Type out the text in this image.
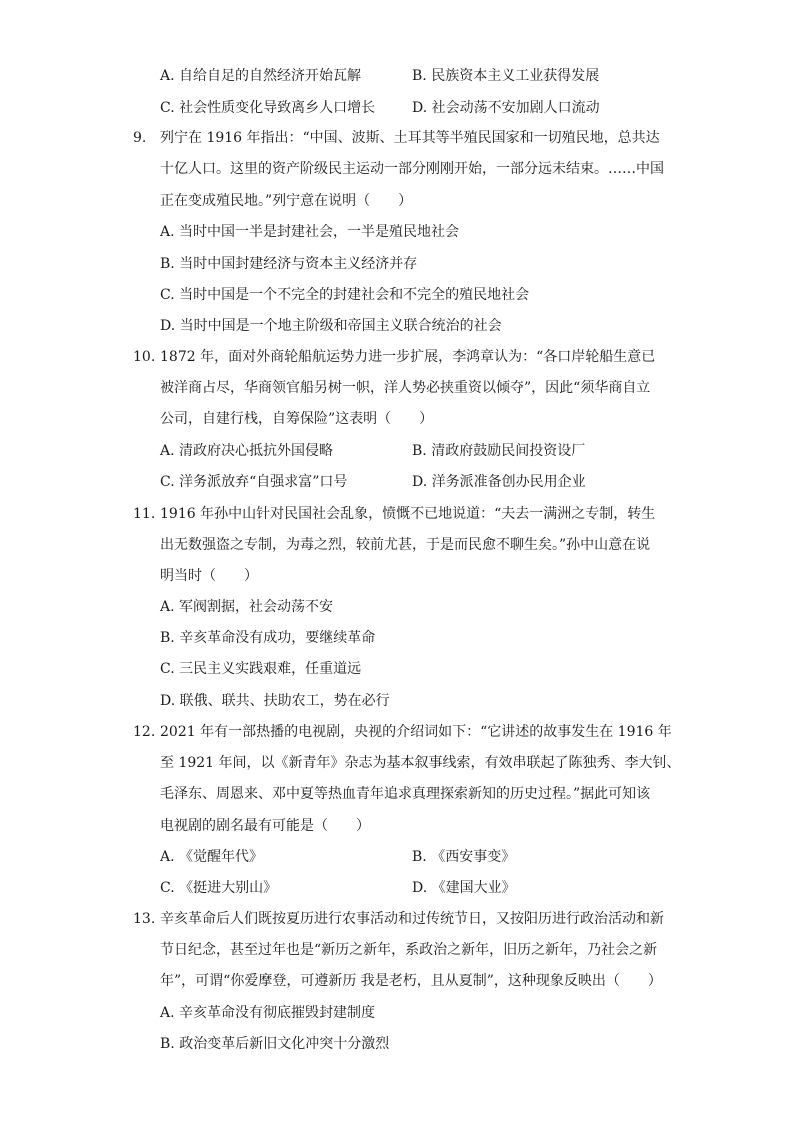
A. 自给自足的自然经济开始瓦解	B. 民族资本主义工业获得发展
C. 社会性质变化导致离乡人口增长	D. 社会动荡不安加剧人口流动
9. 列宁在 1916 年指出：“中国、波斯、土耳其等半殖民国家和一切殖民地，总共达
十亿人口。这里的资产阶级民主运动一部分刚刚开始，一部分远未结束。……中国
正在变成殖民地。”列宁意在说明（　　）
A. 当时中国一半是封建社会，一半是殖民地社会
B. 当时中国封建经济与资本主义经济并存
C. 当时中国是一个不完全的封建社会和不完全的殖民地社会
D. 当时中国是一个地主阶级和帝国主义联合统治的社会
10. 1872 年，面对外商轮船航运势力进一步扩展，李鸿章认为：“各口岸轮船生意已
被洋商占尽，华商领官船另树一帜，洋人势必挟重资以倾夺”，因此“须华商自立
公司，自建行栈，自筹保险”这表明（　　）
A. 清政府决心抵抗外国侵略	B. 清政府鼓励民间投资设厂
C. 洋务派放弃“自强求富”口号	D. 洋务派准备创办民用企业
11. 1916 年孙中山针对民国社会乱象，愤慨不已地说道：“夫去一满洲之专制，转生
出无数强盗之专制，为毒之烈，较前尤甚，于是而民愈不聊生矣。”孙中山意在说
明当时（　　）
A. 军阀割据，社会动荡不安
B. 辛亥革命没有成功，要继续革命
C. 三民主义实践艰难，任重道远
D. 联俄、联共、扶助农工，势在必行
12. 2021 年有一部热播的电视剧，央视的介绍词如下：“它讲述的故事发生在 1916 年
至 1921 年间，以《新青年》杂志为基本叙事线索，有效串联起了陈独秀、李大钊、
毛泽东、周恩来、邓中夏等热血青年追求真理探索新知的历史过程。”据此可知该
电视剧的剧名最有可能是（　　）
A. 《觉醒年代》	B. 《西安事变》
C. 《挺进大别山》	D. 《建国大业》
13. 辛亥革命后人们既按夏历进行农事活动和过传统节日，又按阳历进行政治活动和新
节日纪念，甚至过年也是“新历之新年，系政治之新年，旧历之新年，乃社会之新
年”，可谓“你爱摩登，可遵新历 我是老朽，且从夏制”，这种现象反映出（　　）
A. 辛亥革命没有彻底摧毁封建制度
B. 政治变革后新旧文化冲突十分激烈
